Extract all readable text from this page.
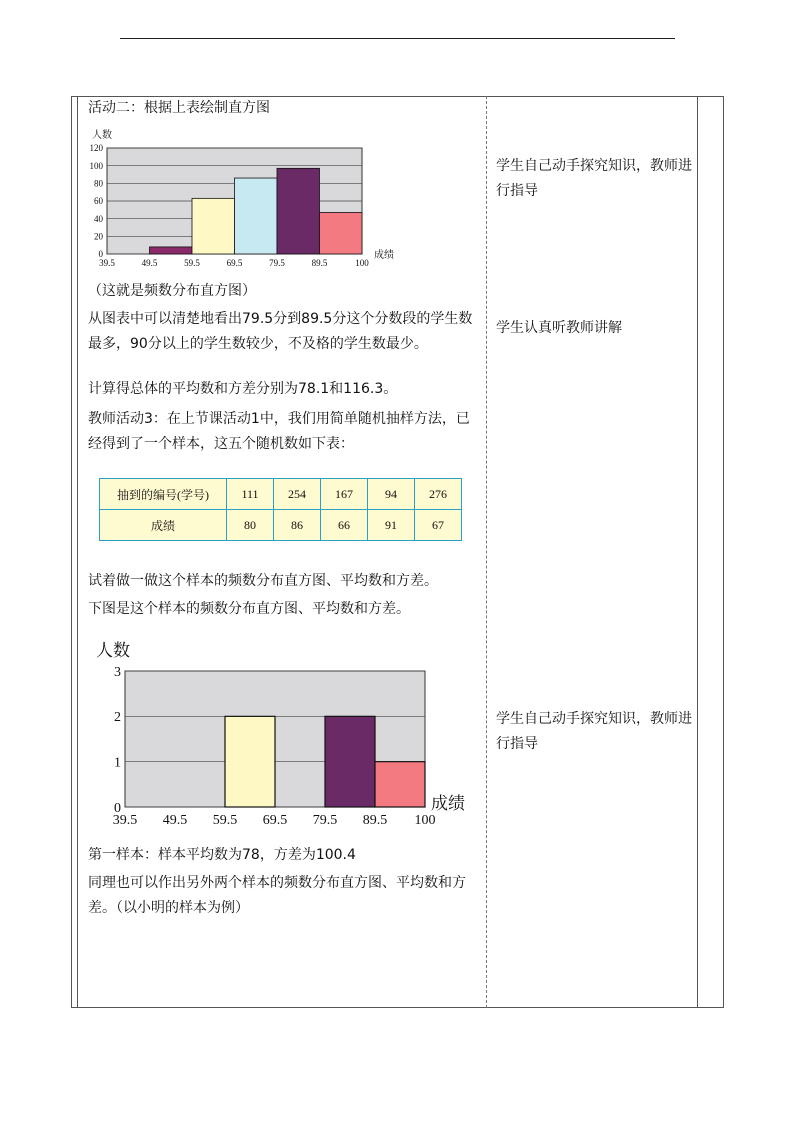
活动二：根据上表绘制直方图
0
20
40
60
80
100
120
39.5	49.5	59.5	69.5	79.5	89.5	100
人数
成绩
（这就是频数分布直方图）
从图表中可以清楚地看出79.5分到89.5分这个分数段的学生数最多，90分以上的学生数较少，不及格的学生数最少。
计算得总体的平均数和方差分别为78.1和116.3。
教师活动3：在上节课活动1中，我们用简单随机抽样方法，已经得到了一个样本，这五个随机数如下表：
抽到的编号(学号)	111	254	167	94	276
成绩	80	86	66	91	67
试着做一做这个样本的频数分布直方图、平均数和方差。
下图是这个样本的频数分布直方图、平均数和方差。
0
1
2
3
39.5 49.5 59.5 69.5 79.5 89.5 100
人数
成绩
第一样本：样本平均数为78，方差为100.4
同理也可以作出另外两个样本的频数分布直方图、平均数和方差。（以小明的样本为例）
学生自己动手探究知识，教师进行指导
学生认真听教师讲解
学生自己动手探究知识，教师进行指导
